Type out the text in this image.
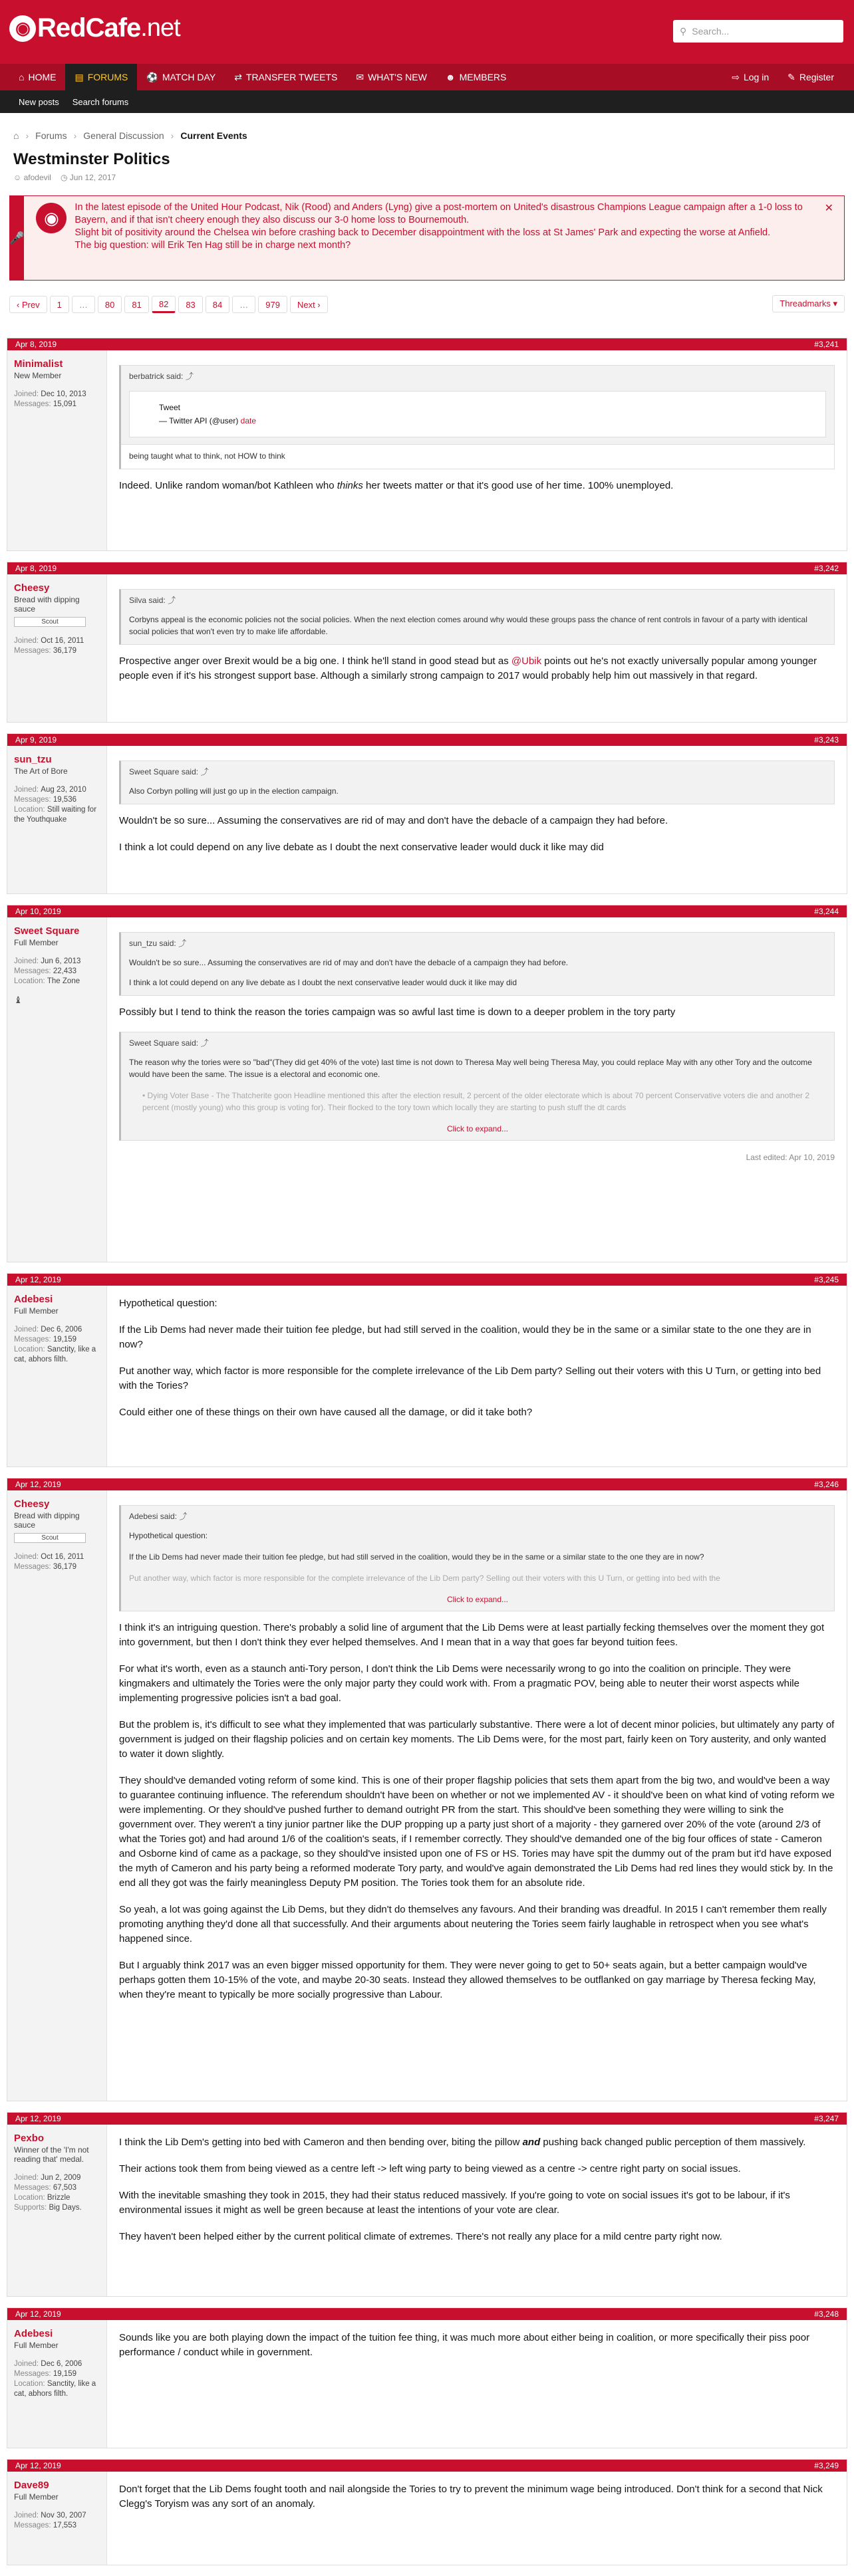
◉ RedCafe .net	⚲ Search...
⌂ HOME ▤ FORUMS ⚽ MATCH DAY ⇄ TRANSFER TWEETS ✉ WHAT'S NEW ☻ MEMBERS	⇨ Log in ✎ Register
New posts Search forums
⌂ › Forums › General Discussion › Current Events
Westminster Politics
☺ afodevil ◷ Jun 12, 2017
🎤
◉
In the latest episode of the United Hour Podcast, Nik (Rood) and Anders (Lyng) give a post-mortem on United's disastrous Champions League campaign after a 1-0 loss to Bayern, and if that isn't cheery enough they also discuss our 3-0 home loss to Bournemouth.
Slight bit of positivity around the Chelsea win before crashing back to December disappointment with the loss at St James' Park and expecting the worse at Anfield.
The big question: will Erik Ten Hag still be in charge next month?
✕
‹ Prev	1	…	80	81	82	83	84	…	979	Next ›	Threadmarks ▾
Apr 8, 2019	#3,241
Minimalist
New Member
Joined: Dec 10, 2013
Messages: 15,091
berbatrick said: ⤴
Tweet
— Twitter API (@user) date
being taught what to think, not HOW to think

Indeed. Unlike random woman/bot Kathleen who thinks her tweets matter or that it's good use of her time. 100% unemployed.

Apr 8, 2019	#3,242
Cheesy
Bread with dipping sauce
Scout
Joined: Oct 16, 2011
Messages: 36,179
Silva said: ⤴
Corbyns appeal is the economic policies not the social policies. When the next election comes around why would these groups pass the chance of rent controls in favour of a party with identical social policies that won't even try to make life affordable.

Prospective anger over Brexit would be a big one. I think he'll stand in good stead but as @Ubik points out he's not exactly universally popular among younger people even if it's his strongest support base. Although a similarly strong campaign to 2017 would probably help him out massively in that regard.

Apr 9, 2019	#3,243
sun_tzu
The Art of Bore
Joined: Aug 23, 2010
Messages: 19,536
Location: Still waiting for the Youthquake
Sweet Square said: ⤴
Also Corbyn polling will just go up in the election campaign.

Wouldn't be so sure... Assuming the conservatives are rid of may and don't have the debacle of a campaign they had before.

I think a lot could depend on any live debate as I doubt the next conservative leader would duck it like may did

Apr 10, 2019	#3,244
Sweet Square
Full Member
Joined: Jun 6, 2013
Messages: 22,433
Location: The Zone
♝
sun_tzu said: ⤴
Wouldn't be so sure... Assuming the conservatives are rid of may and don't have the debacle of a campaign they had before.
I think a lot could depend on any live debate as I doubt the next conservative leader would duck it like may did

Possibly but I tend to think the reason the tories campaign was so awful last time is down to a deeper problem in the tory party

Sweet Square said: ⤴
The reason why the tories were so "bad"(They did get 40% of the vote) last time is not down to Theresa May well being Theresa May, you could replace May with any other Tory and the outcome would have been the same. The issue is a electoral and economic one.
• Dying Voter Base - The Thatcherite goon Headline mentioned this after the election result, 2 percent of the older electorate which is about 70 percent Conservative voters die and another 2 percent (mostly young) who this group is voting for). Their flocked to the tory town which locally they are starting to push stuff the dt cards
Click to expand...
Last edited: Apr 10, 2019
Apr 12, 2019	#3,245
Adebesi
Full Member
Joined: Dec 6, 2006
Messages: 19,159
Location: Sanctity, like a cat, abhors filth.

Hypothetical question:

If the Lib Dems had never made their tuition fee pledge, but had still served in the coalition, would they be in the same or a similar state to the one they are in now?

Put another way, which factor is more responsible for the complete irrelevance of the Lib Dem party? Selling out their voters with this U Turn, or getting into bed with the Tories?

Could either one of these things on their own have caused all the damage, or did it take both?

Apr 12, 2019	#3,246
Cheesy
Bread with dipping sauce
Scout
Joined: Oct 16, 2011
Messages: 36,179
Adebesi said: ⤴
Hypothetical question:
If the Lib Dems had never made their tuition fee pledge, but had still served in the coalition, would they be in the same or a similar state to the one they are in now?
Put another way, which factor is more responsible for the complete irrelevance of the Lib Dem party? Selling out their voters with this U Turn, or getting into bed with the
Click to expand...

I think it's an intriguing question. There's probably a solid line of argument that the Lib Dems were at least partially fecking themselves over the moment they got into government, but then I don't think they ever helped themselves. And I mean that in a way that goes far beyond tuition fees.

For what it's worth, even as a staunch anti-Tory person, I don't think the Lib Dems were necessarily wrong to go into the coalition on principle. They were kingmakers and ultimately the Tories were the only major party they could work with. From a pragmatic POV, being able to neuter their worst aspects while implementing progressive policies isn't a bad goal.

But the problem is, it's difficult to see what they implemented that was particularly substantive. There were a lot of decent minor policies, but ultimately any party of government is judged on their flagship policies and on certain key moments. The Lib Dems were, for the most part, fairly keen on Tory austerity, and only wanted to water it down slightly.

They should've demanded voting reform of some kind. This is one of their proper flagship policies that sets them apart from the big two, and would've been a way to guarantee continuing influence. The referendum shouldn't have been on whether or not we implemented AV - it should've been on what kind of voting reform we were implementing. Or they should've pushed further to demand outright PR from the start. This should've been something they were willing to sink the government over. They weren't a tiny junior partner like the DUP propping up a party just short of a majority - they garnered over 20% of the vote (around 2/3 of what the Tories got) and had around 1/6 of the coalition's seats, if I remember correctly. They should've demanded one of the big four offices of state - Cameron and Osborne kind of came as a package, so they should've insisted upon one of FS or HS. Tories may have spit the dummy out of the pram but it'd have exposed the myth of Cameron and his party being a reformed moderate Tory party, and would've again demonstrated the Lib Dems had red lines they would stick by. In the end all they got was the fairly meaningless Deputy PM position. The Tories took them for an absolute ride.

So yeah, a lot was going against the Lib Dems, but they didn't do themselves any favours. And their branding was dreadful. In 2015 I can't remember them really promoting anything they'd done all that successfully. And their arguments about neutering the Tories seem fairly laughable in retrospect when you see what's happened since.

But I arguably think 2017 was an even bigger missed opportunity for them. They were never going to get to 50+ seats again, but a better campaign would've perhaps gotten them 10-15% of the vote, and maybe 20-30 seats. Instead they allowed themselves to be outflanked on gay marriage by Theresa fecking May, when they're meant to typically be more socially progressive than Labour.

Apr 12, 2019	#3,247
Pexbo
Winner of the 'I'm not reading that' medal.
Joined: Jun 2, 2009
Messages: 67,503
Location: Brizzle
Supports: Big Days.

I think the Lib Dem's getting into bed with Cameron and then bending over, biting the pillow and pushing back changed public perception of them massively.

Their actions took them from being viewed as a centre left -> left wing party to being viewed as a centre -> centre right party on social issues.

With the inevitable smashing they took in 2015, they had their status reduced massively. If you're going to vote on social issues it's got to be labour, if it's environmental issues it might as well be green because at least the intentions of your vote are clear.

They haven't been helped either by the current political climate of extremes. There's not really any place for a mild centre party right now.

Apr 12, 2019	#3,248
Adebesi
Full Member
Joined: Dec 6, 2006
Messages: 19,159
Location: Sanctity, like a cat, abhors filth.

Sounds like you are both playing down the impact of the tuition fee thing, it was much more about either being in coalition, or more specifically their piss poor performance / conduct while in government.

Apr 12, 2019	#3,249
Dave89
Full Member
Joined: Nov 30, 2007
Messages: 17,553

Don't forget that the Lib Dems fought tooth and nail alongside the Tories to try to prevent the minimum wage being introduced. Don't think for a second that Nick Clegg's Toryism was any sort of an anomaly.
